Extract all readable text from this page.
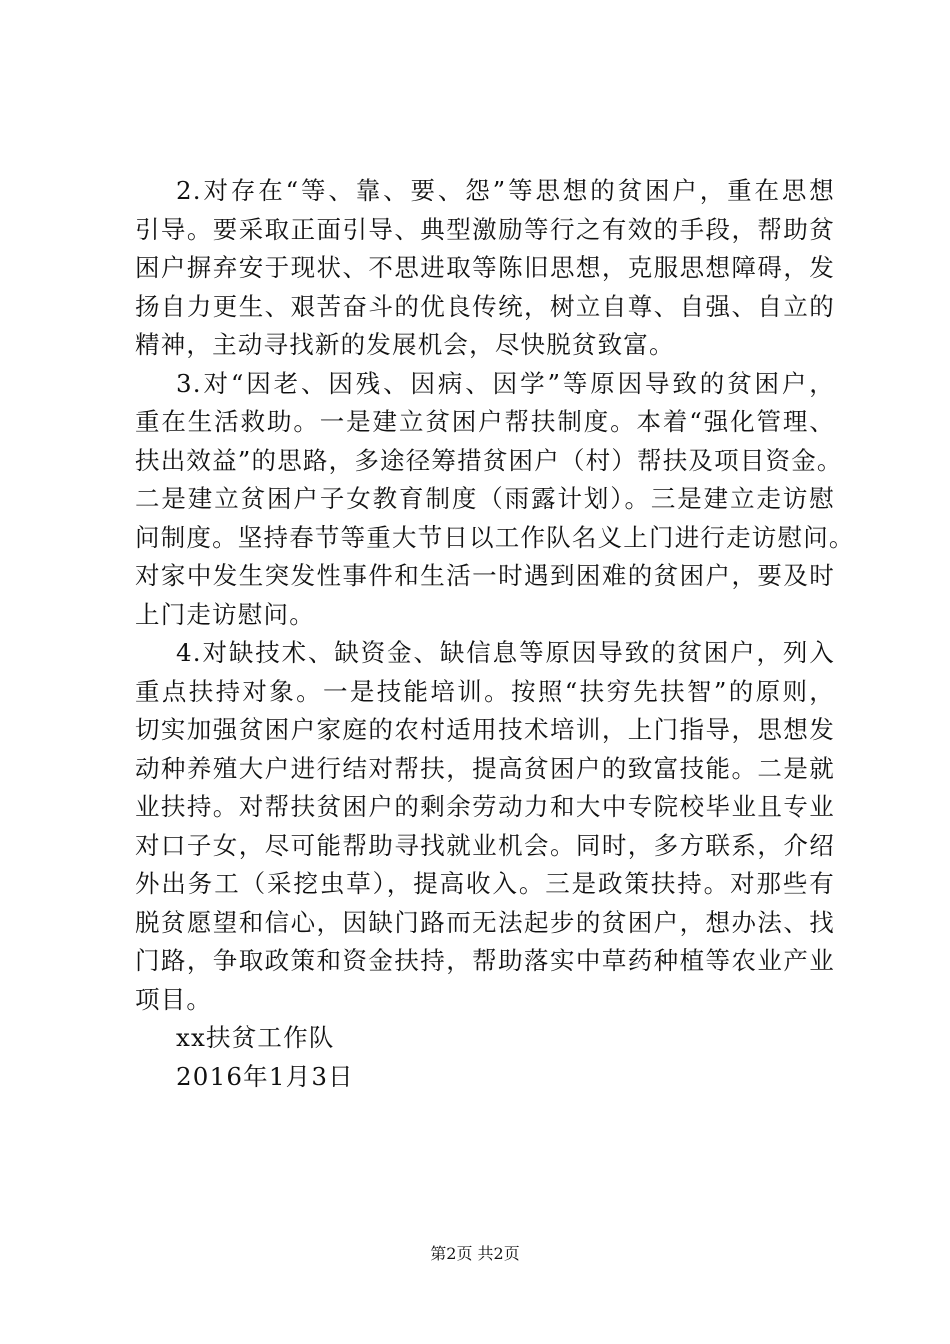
2.对存在“等、靠、要、怨”等思想的贫困户，重在思想
引导。要采取正面引导、典型激励等行之有效的手段，帮助贫
困户摒弃安于现状、不思进取等陈旧思想，克服思想障碍，发
扬自力更生、艰苦奋斗的优良传统，树立自尊、自强、自立的
精神，主动寻找新的发展机会，尽快脱贫致富。
3.对“因老、因残、因病、因学”等原因导致的贫困户，
重在生活救助。一是建立贫困户帮扶制度。本着“强化管理、
扶出效益”的思路，多途径筹措贫困户（村）帮扶及项目资金。
二是建立贫困户子女教育制度（雨露计划）。三是建立走访慰
问制度。坚持春节等重大节日以工作队名义上门进行走访慰问。
对家中发生突发性事件和生活一时遇到困难的贫困户，要及时
上门走访慰问。
4.对缺技术、缺资金、缺信息等原因导致的贫困户，列入
重点扶持对象。一是技能培训。按照“扶穷先扶智”的原则，
切实加强贫困户家庭的农村适用技术培训，上门指导，思想发
动种养殖大户进行结对帮扶，提高贫困户的致富技能。二是就
业扶持。对帮扶贫困户的剩余劳动力和大中专院校毕业且专业
对口子女，尽可能帮助寻找就业机会。同时，多方联系，介绍
外出务工（采挖虫草），提高收入。三是政策扶持。对那些有
脱贫愿望和信心，因缺门路而无法起步的贫困户，想办法、找
门路，争取政策和资金扶持，帮助落实中草药种植等农业产业
项目。
xx扶贫工作队
2016年1月3日
第2页 共2页
